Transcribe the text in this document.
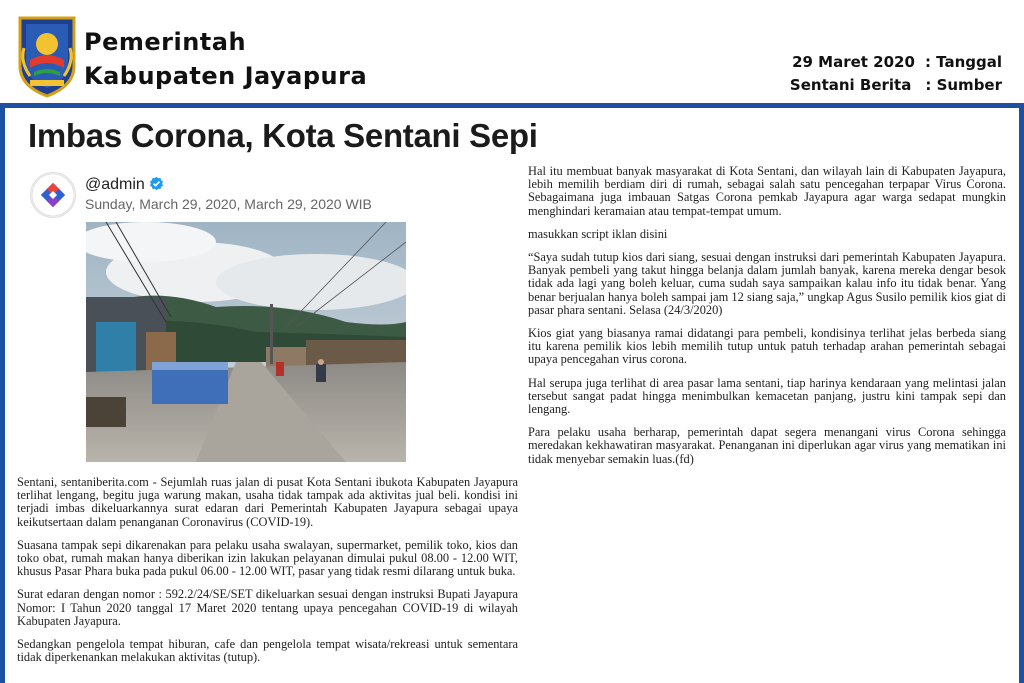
Pemerintah
Kabupaten Jayapura	29 Maret 2020 : Tanggal
Sentani Berita : Sumber
Imbas Corona, Kota Sentani Sepi
@admin
Sunday, March 29, 2020, March 29, 2020 WIB

Sentani, sentaniberita.com - Sejumlah ruas jalan di pusat Kota Sentani ibukota Kabupaten Jayapura terlihat lengang, begitu juga warung makan, usaha tidak tampak ada aktivitas jual beli. kondisi ini terjadi imbas dikeluarkannya surat edaran dari Pemerintah Kabupaten Jayapura sebagai upaya keikutsertaan dalam penanganan Coronavirus (COVID-19).

Suasana tampak sepi dikarenakan para pelaku usaha swalayan, supermarket, pemilik toko, kios dan toko obat, rumah makan hanya diberikan izin lakukan pelayanan dimulai pukul 08.00 - 12.00 WIT, khusus Pasar Phara buka pada pukul 06.00 - 12.00 WIT, pasar yang tidak resmi dilarang untuk buka.

Surat edaran dengan nomor : 592.2/24/SE/SET dikeluarkan sesuai dengan instruksi Bupati Jayapura Nomor: I Tahun 2020 tanggal 17 Maret 2020 tentang upaya pencegahan COVID-19 di wilayah Kabupaten Jayapura.

Sedangkan pengelola tempat hiburan, cafe dan pengelola tempat wisata/rekreasi untuk sementara tidak diperkenankan melakukan aktivitas (tutup).

Hal itu membuat banyak masyarakat di Kota Sentani, dan wilayah lain di Kabupaten Jayapura, lebih memilih berdiam diri di rumah, sebagai salah satu pencegahan terpapar Virus Corona. Sebagaimana juga imbauan Satgas Corona pemkab Jayapura agar warga sedapat mungkin menghindari keramaian atau tempat-tempat umum.

masukkan script iklan disini

“Saya sudah tutup kios dari siang, sesuai dengan instruksi dari pemerintah Kabupaten Jayapura. Banyak pembeli yang takut hingga belanja dalam jumlah banyak, karena mereka dengar besok tidak ada lagi yang boleh keluar, cuma sudah saya sampaikan kalau info itu tidak benar. Yang benar berjualan hanya boleh sampai jam 12 siang saja,” ungkap Agus Susilo pemilik kios giat di pasar phara sentani. Selasa (24/3/2020)

Kios giat yang biasanya ramai didatangi para pembeli, kondisinya terlihat jelas berbeda siang itu karena pemilik kios lebih memilih tutup untuk patuh terhadap arahan pemerintah sebagai upaya pencegahan virus corona.

Hal serupa juga terlihat di area pasar lama sentani, tiap harinya kendaraan yang melintasi jalan tersebut sangat padat hingga menimbulkan kemacetan panjang, justru kini tampak sepi dan lengang.

Para pelaku usaha berharap, pemerintah dapat segera menangani virus Corona sehingga meredakan kekhawatiran masyarakat. Penanganan ini diperlukan agar virus yang mematikan ini tidak menyebar semakin luas.(fd)
